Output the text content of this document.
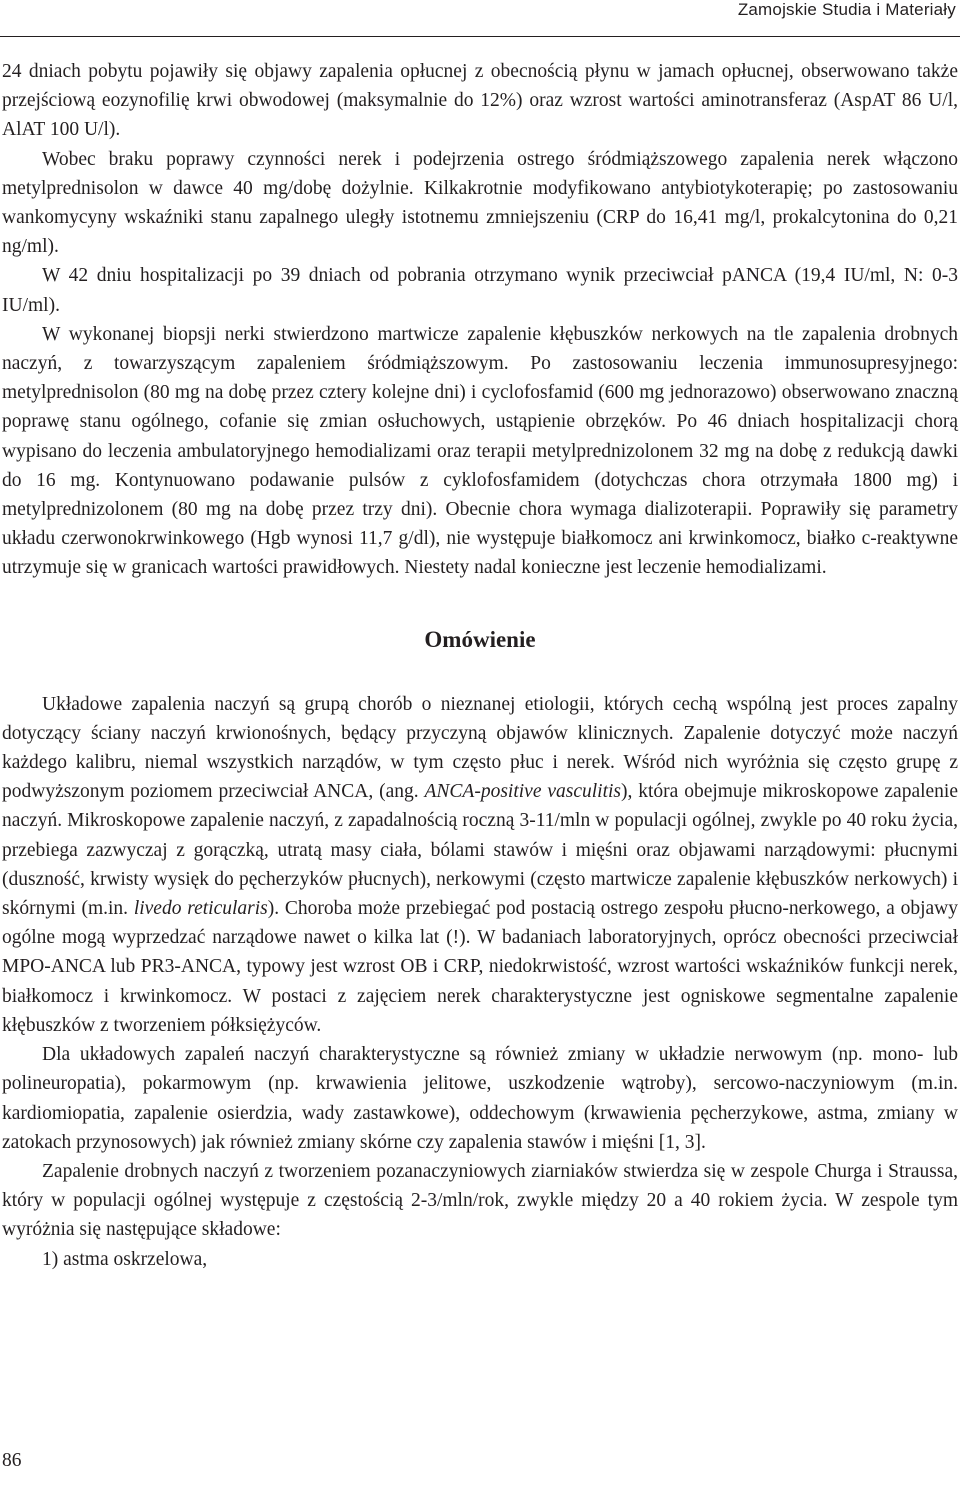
Zamojskie Studia i Materiały

24 dniach pobytu pojawiły się objawy zapalenia opłucnej z obecnością płynu w jamach opłucnej, obserwowano także przejściową eozynofilię krwi obwodowej (maksymalnie do 12%) oraz wzrost wartości aminotransferaz (AspAT 86 U/l, AlAT 100 U/l).

Wobec braku poprawy czynności nerek i podejrzenia ostrego śródmiąższowego zapalenia nerek włączono metylprednisolon w dawce 40 mg/dobę dożylnie. Kilkakrotnie modyfikowano antybiotykoterapię; po zastosowaniu wankomycyny wskaźniki stanu zapalnego uległy istotnemu zmniejszeniu (CRP do 16,41 mg/l, prokalcytonina do 0,21 ng/ml).

W 42 dniu hospitalizacji po 39 dniach od pobrania otrzymano wynik przeciwciał pANCA (19,4 IU/ml, N: 0-3 IU/ml).

W wykonanej biopsji nerki stwierdzono martwicze zapalenie kłębuszków nerkowych na tle zapalenia drobnych naczyń, z towarzyszącym zapaleniem śródmiąższowym. Po zastosowaniu leczenia immunosupresyjnego: metylprednisolon (80 mg na dobę przez cztery kolejne dni) i cyclofosfamid (600 mg jednorazowo) obserwowano znaczną poprawę stanu ogólnego, cofanie się zmian osłuchowych, ustąpienie obrzęków. Po 46 dniach hospitalizacji chorą wypisano do leczenia ambulatoryjnego hemodializami oraz terapii metylprednizolonem 32 mg na dobę z redukcją dawki do 16 mg. Kontynuowano podawanie pulsów z cyklofosfamidem (dotychczas chora otrzymała 1800 mg) i metylprednizolonem (80 mg na dobę przez trzy dni). Obecnie chora wymaga dializoterapii. Poprawiły się parametry układu czerwonokrwinkowego (Hgb wynosi 11,7 g/dl), nie występuje białkomocz ani krwinkomocz, białko c-reaktywne utrzymuje się w granicach wartości prawidłowych. Niestety nadal konieczne jest leczenie hemodializami.

Omówienie

Układowe zapalenia naczyń są grupą chorób o nieznanej etiologii, których cechą wspólną jest proces zapalny dotyczący ściany naczyń krwionośnych, będący przyczyną objawów klinicznych. Zapalenie dotyczyć może naczyń każdego kalibru, niemal wszystkich narządów, w tym często płuc i nerek. Wśród nich wyróżnia się często grupę z podwyższonym poziomem przeciwciał ANCA, (ang. ANCA-positive vasculitis), która obejmuje mikroskopowe zapalenie naczyń. Mikroskopowe zapalenie naczyń, z zapadalnością roczną 3-11/mln w populacji ogólnej, zwykle po 40 roku życia, przebiega zazwyczaj z gorączką, utratą masy ciała, bólami stawów i mięśni oraz objawami narządowymi: płucnymi (duszność, krwisty wysięk do pęcherzyków płucnych), nerkowymi (często martwicze zapalenie kłębuszków nerkowych) i skórnymi (m.in. livedo reticularis). Choroba może przebiegać pod postacią ostrego zespołu płucno-nerkowego, a objawy ogólne mogą wyprzedzać narządowe nawet o kilka lat (!). W badaniach laboratoryjnych, oprócz obecności przeciwciał MPO-ANCA lub PR3-ANCA, typowy jest wzrost OB i CRP, niedokrwistość, wzrost wartości wskaźników funkcji nerek, białkomocz i krwinkomocz. W postaci z zajęciem nerek charakterystyczne jest ogniskowe segmentalne zapalenie kłębuszków z tworzeniem półksiężyców.

Dla układowych zapaleń naczyń charakterystyczne są również zmiany w układzie nerwowym (np. mono- lub polineuropatia), pokarmowym (np. krwawienia jelitowe, uszkodzenie wątroby), sercowo-naczyniowym (m.in. kardiomiopatia, zapalenie osierdzia, wady zastawkowe), oddechowym (krwawienia pęcherzykowe, astma, zmiany w zatokach przynosowych) jak również zmiany skórne czy zapalenia stawów i mięśni [1, 3].

Zapalenie drobnych naczyń z tworzeniem pozanaczyniowych ziarniaków stwierdza się w zespole Churga i Straussa, który w populacji ogólnej występuje z częstością 2-3/mln/rok, zwykle między 20 a 40 rokiem życia. W zespole tym wyróżnia się następujące składowe:

1) astma oskrzelowa,

86
